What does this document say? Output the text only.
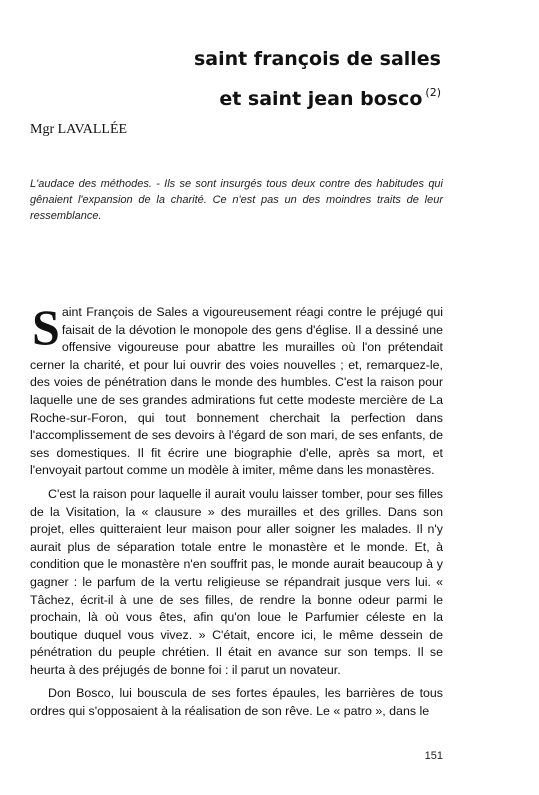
saint françois de salles
et saint jean bosco $^{(2)}$
Mgr LAVALLÉE
L'audace des méthodes. - Ils se sont insurgés tous deux contre des habitudes qui gênaient l'expansion de la charité. Ce n'est pas un des moindres traits de leur ressemblance.

Saint François de Sales a vigoureusement réagi contre le préjugé qui faisait de la dévotion le monopole des gens d'église. Il a dessiné une offensive vigoureuse pour abattre les murailles où l'on prétendait cerner la charité, et pour lui ouvrir des voies nouvelles ; et, remarquez-le, des voies de pénétration dans le monde des humbles. C'est la raison pour laquelle une de ses grandes admirations fut cette modeste mercière de La Roche-sur-Foron, qui tout bonnement cherchait la perfection dans l'accomplissement de ses devoirs à l'égard de son mari, de ses enfants, de ses domestiques. Il fit écrire une biographie d'elle, après sa mort, et l'envoyait partout comme un modèle à imiter, même dans les monastères.

C'est la raison pour laquelle il aurait voulu laisser tomber, pour ses filles de la Visitation, la « clausure » des murailles et des grilles. Dans son projet, elles quitteraient leur maison pour aller soigner les malades. Il n'y aurait plus de séparation totale entre le monastère et le monde. Et, à condition que le monastère n'en souffrit pas, le monde aurait beaucoup à y gagner : le parfum de la vertu religieuse se répandrait jusque vers lui. « Tâchez, écrit-il à une de ses filles, de rendre la bonne odeur parmi le prochain, là où vous êtes, afin qu'on loue le Parfumier céleste en la boutique duquel vous vivez. » C'était, encore ici, le même dessein de pénétration du peuple chrétien. Il était en avance sur son temps. Il se heurta à des préjugés de bonne foi : il parut un novateur.

Don Bosco, lui bouscula de ses fortes épaules, les barrières de tous ordres qui s'opposaient à la réalisation de son rêve. Le « patro », dans le

151
